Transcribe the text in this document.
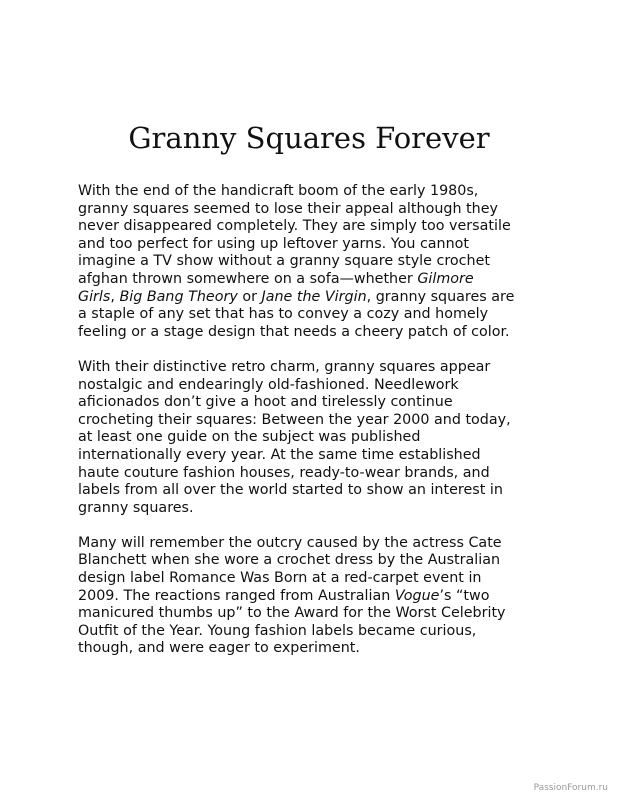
Granny Squares Forever

With the end of the handicraft boom of the early 1980s,
granny squares seemed to lose their appeal although they
never disappeared completely. They are simply too versatile
and too perfect for using up leftover yarns. You cannot
imagine a TV show without a granny square style crochet
afghan thrown somewhere on a sofa—whether Gilmore
Girls, Big Bang Theory or Jane the Virgin, granny squares are
a staple of any set that has to convey a cozy and homely
feeling or a stage design that needs a cheery patch of color.

With their distinctive retro charm, granny squares appear
nostalgic and endearingly old-fashioned. Needlework
aficionados don’t give a hoot and tirelessly continue
crocheting their squares: Between the year 2000 and today,
at least one guide on the subject was published
internationally every year. At the same time established
haute couture fashion houses, ready-to-wear brands, and
labels from all over the world started to show an interest in
granny squares.

Many will remember the outcry caused by the actress Cate
Blanchett when she wore a crochet dress by the Australian
design label Romance Was Born at a red-carpet event in
2009. The reactions ranged from Australian Vogue’s “two
manicured thumbs up” to the Award for the Worst Celebrity
Outfit of the Year. Young fashion labels became curious,
though, and were eager to experiment.

PassionForum.ru
